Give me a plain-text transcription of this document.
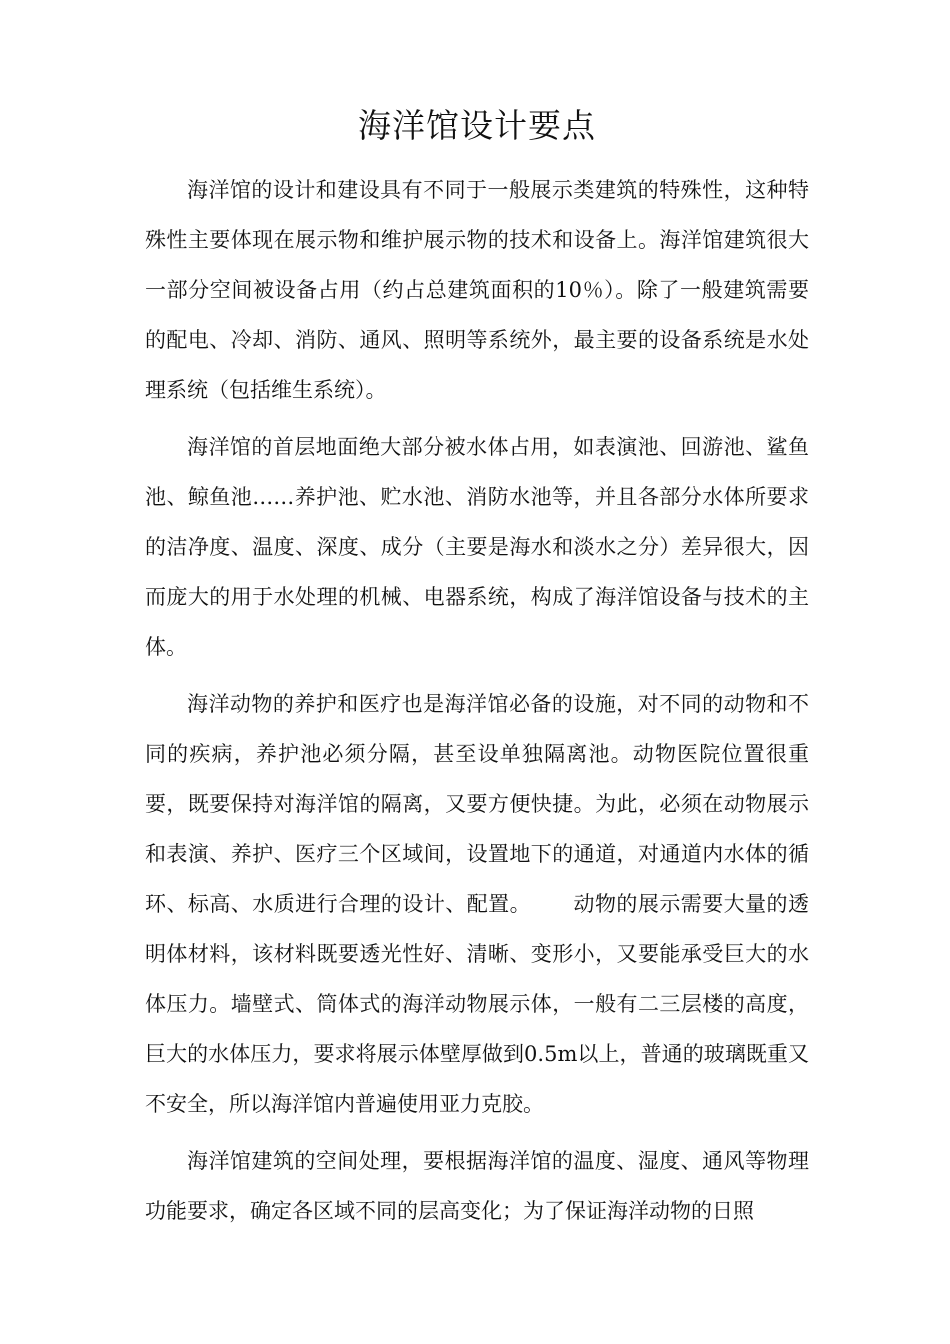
海洋馆设计要点

海洋馆的设计和建设具有不同于一般展示类建筑的特殊性，这种特殊性主要体现在展示物和维护展示物的技术和设备上。海洋馆建筑很大一部分空间被设备占用（约占总建筑面积的10％）。除了一般建筑需要的配电、冷却、消防、通风、照明等系统外，最主要的设备系统是水处理系统（包括维生系统）。

海洋馆的首层地面绝大部分被水体占用，如表演池、回游池、鲨鱼池、鲸鱼池……养护池、贮水池、消防水池等，并且各部分水体所要求的洁净度、温度、深度、成分（主要是海水和淡水之分）差异很大，因而庞大的用于水处理的机械、电器系统，构成了海洋馆设备与技术的主体。

海洋动物的养护和医疗也是海洋馆必备的设施，对不同的动物和不同的疾病，养护池必须分隔，甚至设单独隔离池。动物医院位置很重要，既要保持对海洋馆的隔离，又要方便快捷。为此，必须在动物展示和表演、养护、医疗三个区域间，设置地下的通道，对通道内水体的循环、标高、水质进行合理的设计、配置。 动物的展示需要大量的透明体材料，该材料既要透光性好、清晰、变形小，又要能承受巨大的水体压力。墙壁式、筒体式的海洋动物展示体，一般有二三层楼的高度，巨大的水体压力，要求将展示体壁厚做到0.5m以上，普通的玻璃既重又不安全，所以海洋馆内普遍使用亚力克胶。

海洋馆建筑的空间处理，要根据海洋馆的温度、湿度、通风等物理功能要求，确定各区域不同的层高变化；为了保证海洋动物的日照
